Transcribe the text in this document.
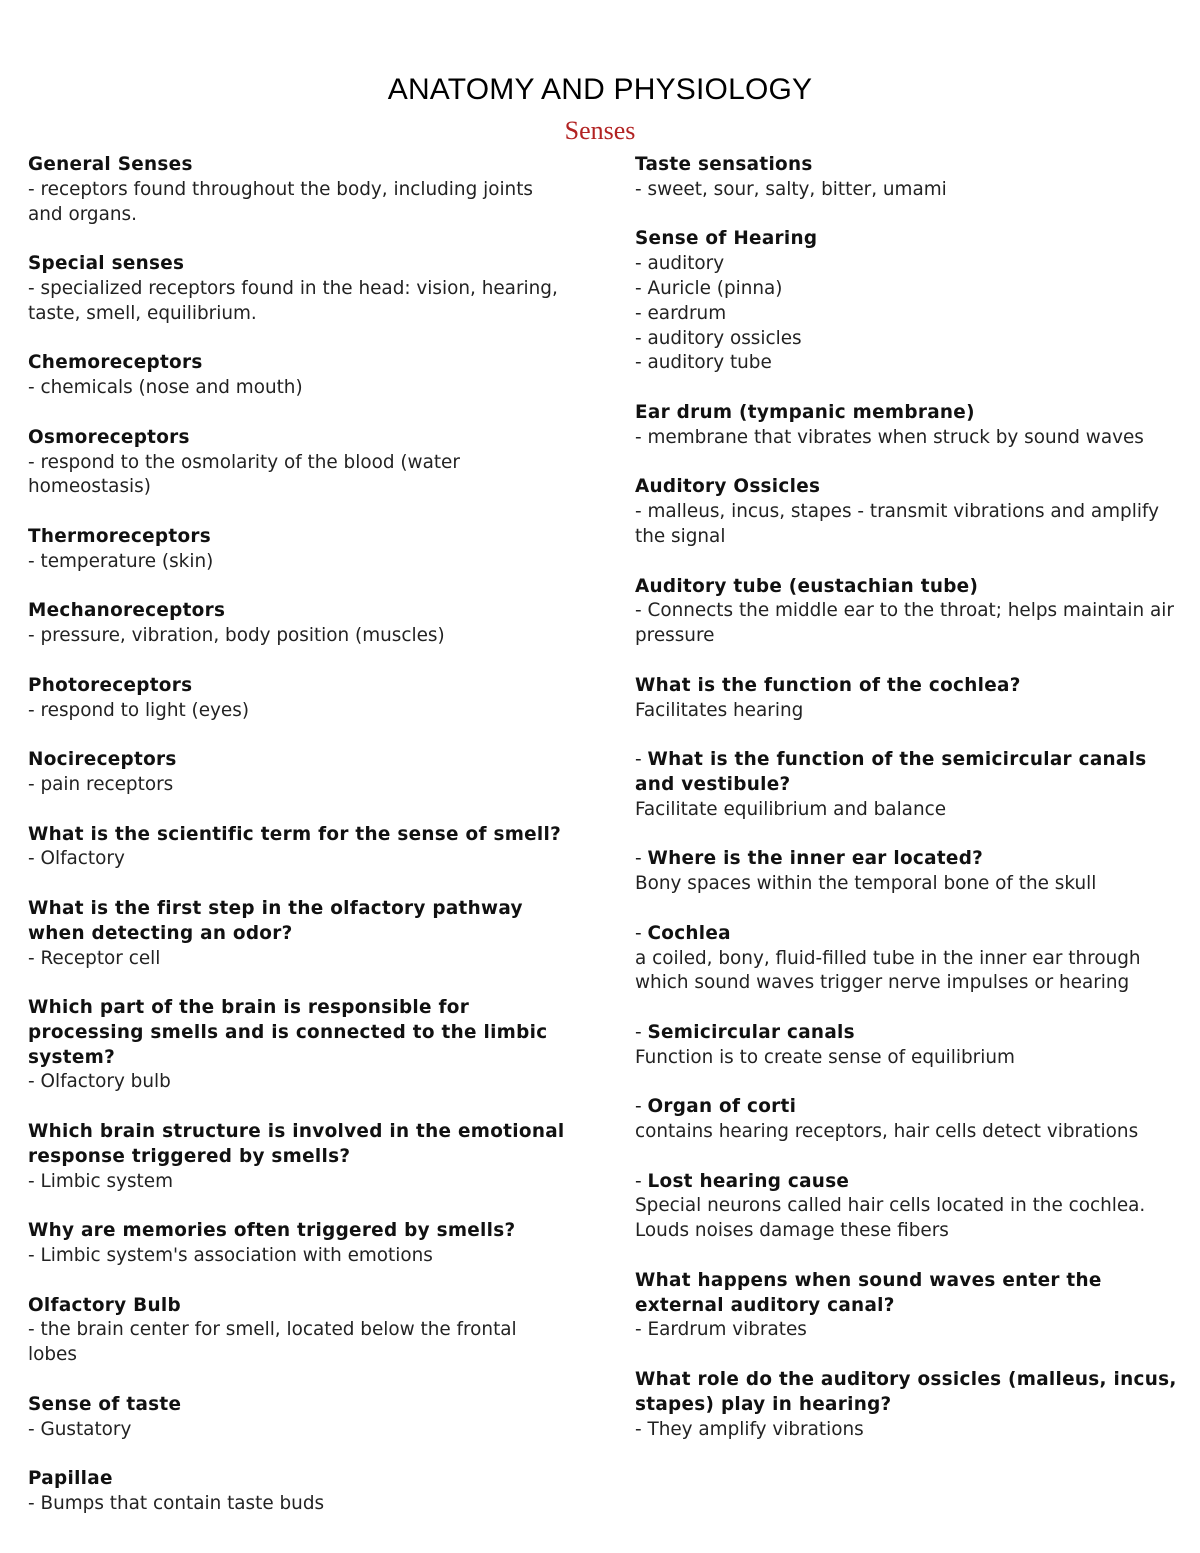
ANATOMY AND PHYSIOLOGY
Senses
General Senses
- receptors found throughout the body, including joints and organs.
Special senses
- specialized receptors found in the head: vision, hearing, taste, smell, equilibrium.
Chemoreceptors
- chemicals (nose and mouth)
Osmoreceptors
- respond to the osmolarity of the blood (water homeostasis)
Thermoreceptors
- temperature (skin)
Mechanoreceptors
- pressure, vibration, body position (muscles)
Photoreceptors
- respond to light (eyes)
Nocireceptors
- pain receptors
What is the scientific term for the sense of smell?
- Olfactory
What is the first step in the olfactory pathway when detecting an odor?
- Receptor cell
Which part of the brain is responsible for processing smells and is connected to the limbic system?
- Olfactory bulb
Which brain structure is involved in the emotional response triggered by smells?
- Limbic system
Why are memories often triggered by smells?
- Limbic system's association with emotions
Olfactory Bulb
- the brain center for smell, located below the frontal lobes
Sense of taste
- Gustatory
Papillae
- Bumps that contain taste buds
Taste sensations
- sweet, sour, salty, bitter, umami
Sense of Hearing
- auditory
- Auricle (pinna)
- eardrum
- auditory ossicles
- auditory tube
Ear drum (tympanic membrane)
- membrane that vibrates when struck by sound waves
Auditory Ossicles
- malleus, incus, stapes - transmit vibrations and amplify the signal
Auditory tube (eustachian tube)
- Connects the middle ear to the throat; helps maintain air pressure
What is the function of the cochlea?
Facilitates hearing
- What is the function of the semicircular canals and vestibule?
Facilitate equilibrium and balance
- Where is the inner ear located?
Bony spaces within the temporal bone of the skull
- Cochlea
a coiled, bony, fluid-filled tube in the inner ear through which sound waves trigger nerve impulses or hearing
- Semicircular canals
Function is to create sense of equilibrium
- Organ of corti
contains hearing receptors, hair cells detect vibrations
- Lost hearing cause
Special neurons called hair cells located in the cochlea. Louds noises damage these fibers
What happens when sound waves enter the external auditory canal?
- Eardrum vibrates
What role do the auditory ossicles (malleus, incus, stapes) play in hearing?
- They amplify vibrations
